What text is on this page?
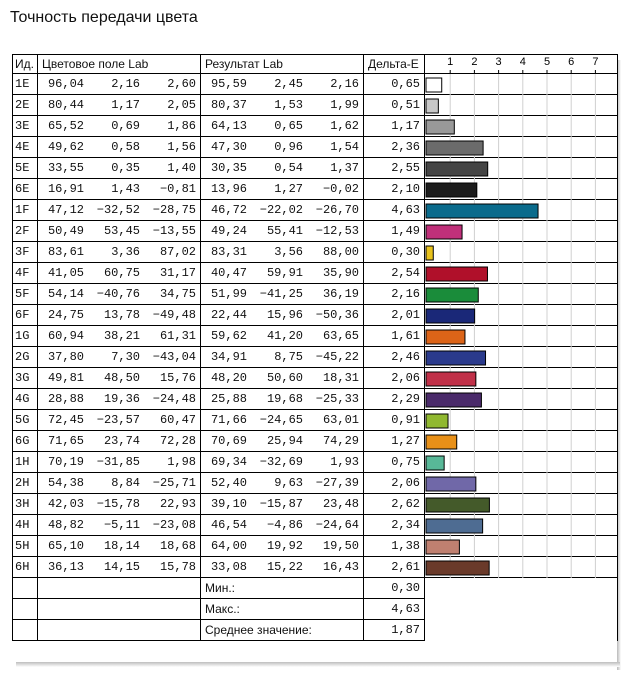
Точность передачи цвета
Ид.	Цветовое поле Lab	Результат Lab	Дельта-E	
1E	96,04 2,16 2,60	95,59 2,45 2,16	0,65	
2E	80,44 1,17 2,05	80,37 1,53 1,99	0,51	
3E	65,52 0,69 1,86	64,13 0,65 1,62	1,17	
4E	49,62 0,58 1,56	47,30 0,96 1,54	2,36	
5E	33,55 0,35 1,40	30,35 0,54 1,37	2,55	
6E	16,91 1,43 −0,81	13,96 1,27 −0,02	2,10	
1F	47,12 −32,52 −28,75	46,72 −22,02 −26,70	4,63	
2F	50,49 53,45 −13,55	49,24 55,41 −12,53	1,49	
3F	83,61 3,36 87,02	83,31 3,56 88,00	0,30	
4F	41,05 60,75 31,17	40,47 59,91 35,90	2,54	
5F	54,14 −40,76 34,75	51,99 −41,25 36,19	2,16	
6F	24,75 13,78 −49,48	22,44 15,96 −50,36	2,01	
1G	60,94 38,21 61,31	59,62 41,20 63,65	1,61	
2G	37,80 7,30 −43,04	34,91 8,75 −45,22	2,46	
3G	49,81 48,50 15,76	48,20 50,60 18,31	2,06	
4G	28,88 19,36 −24,48	25,88 19,68 −25,33	2,29	
5G	72,45 −23,57 60,47	71,66 −24,65 63,01	0,91	
6G	71,65 23,74 72,28	70,69 25,94 74,29	1,27	
1H	70,19 −31,85 1,98	69,34 −32,69 1,93	0,75	
2H	54,38 8,84 −25,71	52,40 9,63 −27,39	2,06	
3H	42,03 −15,78 22,93	39,10 −15,87 23,48	2,62	
4H	48,82 −5,11 −23,08	46,54 −4,86 −24,64	2,34	
5H	65,10 18,14 18,68	64,00 19,92 19,50	1,38	
6H	36,13 14,15 15,78	33,08 15,22 16,43	2,61	
		Мин.:	0,30	
		Макс.:	4,63	
		Среднее значение:	1,87	
1 2 3 4 5 6 7
